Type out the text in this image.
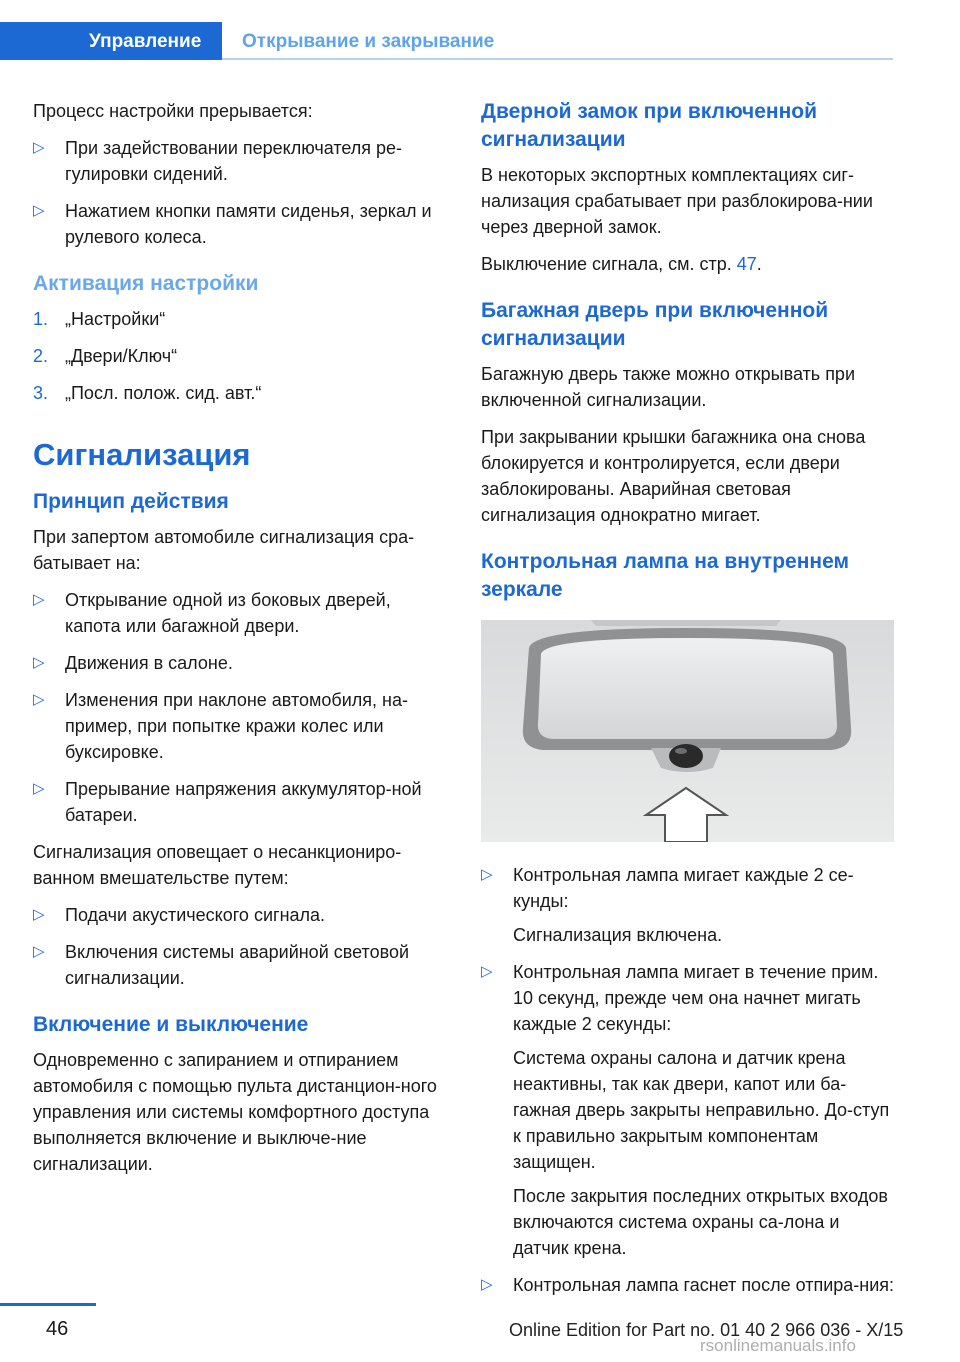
Управление	Открывание и закрывание

Процесс настройки прерывается:

▷ При задействовании переключателя ре-гулировки сидений.
▷ Нажатием кнопки памяти сиденья, зеркал и рулевого колеса.
Активация настройки
1. „Настройки“
2. „Двери/Ключ“
3. „Посл. полож. сид. авт.“
Сигнализация
Принцип действия

При запертом автомобиле сигнализация сра-батывает на:

▷ Открывание одной из боковых дверей, капота или багажной двери.
▷ Движения в салоне.
▷ Изменения при наклоне автомобиля, на-пример, при попытке кражи колес или буксировке.
▷ Прерывание напряжения аккумулятор-ной батареи.

Сигнализация оповещает о несанкциониро-ванном вмешательстве путем:

▷ Подачи акустического сигнала.
▷ Включения системы аварийной световой сигнализации.
Включение и выключение

Одновременно с запиранием и отпиранием автомобиля с помощью пульта дистанцион-ного управления или системы комфортного доступа выполняется включение и выключе-ние сигнализации.

Дверной замок при включенной сигнализации

В некоторых экспортных комплектациях сиг-нализация срабатывает при разблокирова-нии через дверной замок.

Выключение сигнала, см. стр. 47.

Багажная дверь при включенной сигнализации

Багажную дверь также можно открывать при включенной сигнализации.

При закрывании крышки багажника она снова блокируется и контролируется, если двери заблокированы. Аварийная световая сигнализация однократно мигает.

Контрольная лампа на внутреннем зеркале
▷ Контрольная лампа мигает каждые 2 се-кунды:
Сигнализация включена.
▷ Контрольная лампа мигает в течение прим. 10 секунд, прежде чем она начнет мигать каждые 2 секунды:
Система охраны салона и датчик крена неактивны, так как двери, капот или ба-гажная дверь закрыты неправильно. До-ступ к правильно закрытым компонентам защищен.
После закрытия последних открытых входов включаются система охраны са-лона и датчик крена.
▷ Контрольная лампа гаснет после отпира-ния:
46	Online Edition for Part no. 01 40 2 966 036 - X/15
rsonlinemanuals.info
